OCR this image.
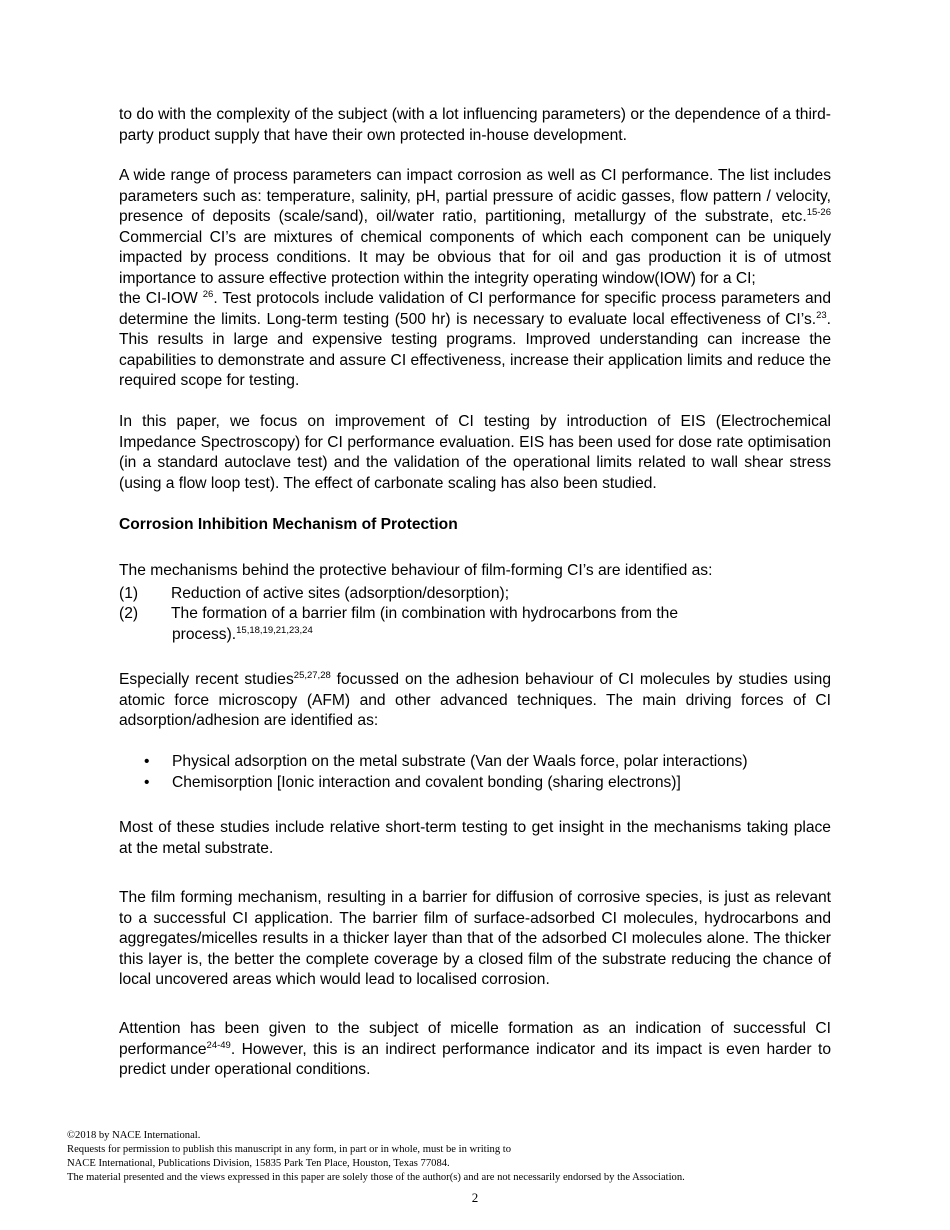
to do with the complexity of the subject (with a lot influencing parameters) or the dependence of a third-party product supply that have their own protected in-house development.

A wide range of process parameters can impact corrosion as well as CI performance. The list includes parameters such as: temperature, salinity, pH, partial pressure of acidic gasses, flow pattern / velocity, presence of deposits (scale/sand), oil/water ratio, partitioning, metallurgy of the substrate, etc.$^{15-26}$ Commercial CI’s are mixtures of chemical components of which each component can be uniquely impacted by process conditions. It may be obvious that for oil and gas production it is of utmost importance to assure effective protection within the integrity operating window(IOW) for a CI;
the CI-IOW $^{26}$. Test protocols include validation of CI performance for specific process parameters and determine the limits. Long-term testing (500 hr) is necessary to evaluate local effectiveness of CI’s.$^{23}$. This results in large and expensive testing programs. Improved understanding can increase the capabilities to demonstrate and assure CI effectiveness, increase their application limits and reduce the required scope for testing.

In this paper, we focus on improvement of CI testing by introduction of EIS (Electrochemical Impedance Spectroscopy) for CI performance evaluation. EIS has been used for dose rate optimisation (in a standard autoclave test) and the validation of the operational limits related to wall shear stress (using a flow loop test). The effect of carbonate scaling has also been studied.

Corrosion Inhibition Mechanism of Protection

The mechanisms behind the protective behaviour of film-forming CI’s are identified as:

(1) Reduction of active sites (adsorption/desorption);
(2) The formation of a barrier film (in combination with hydrocarbons from the
process).$^{15,18,19,21,23,24}$

Especially recent studies$^{25,27,28}$ focussed on the adhesion behaviour of CI molecules by studies using atomic force microscopy (AFM) and other advanced techniques. The main driving forces of CI adsorption/adhesion are identified as:

• Physical adsorption on the metal substrate (Van der Waals force, polar interactions)
• Chemisorption [Ionic interaction and covalent bonding (sharing electrons)]

Most of these studies include relative short-term testing to get insight in the mechanisms taking place at the metal substrate.

The film forming mechanism, resulting in a barrier for diffusion of corrosive species, is just as relevant to a successful CI application. The barrier film of surface-adsorbed CI molecules, hydrocarbons and aggregates/micelles results in a thicker layer than that of the adsorbed CI molecules alone. The thicker this layer is, the better the complete coverage by a closed film of the substrate reducing the chance of local uncovered areas which would lead to localised corrosion.

Attention has been given to the subject of micelle formation as an indication of successful CI performance$^{24-49}$. However, this is an indirect performance indicator and its impact is even harder to predict under operational conditions.

©2018 by NACE International.
Requests for permission to publish this manuscript in any form, in part or in whole, must be in writing to
NACE International, Publications Division, 15835 Park Ten Place, Houston, Texas 77084.
The material presented and the views expressed in this paper are solely those of the author(s) and are not necessarily endorsed by the Association.
2
